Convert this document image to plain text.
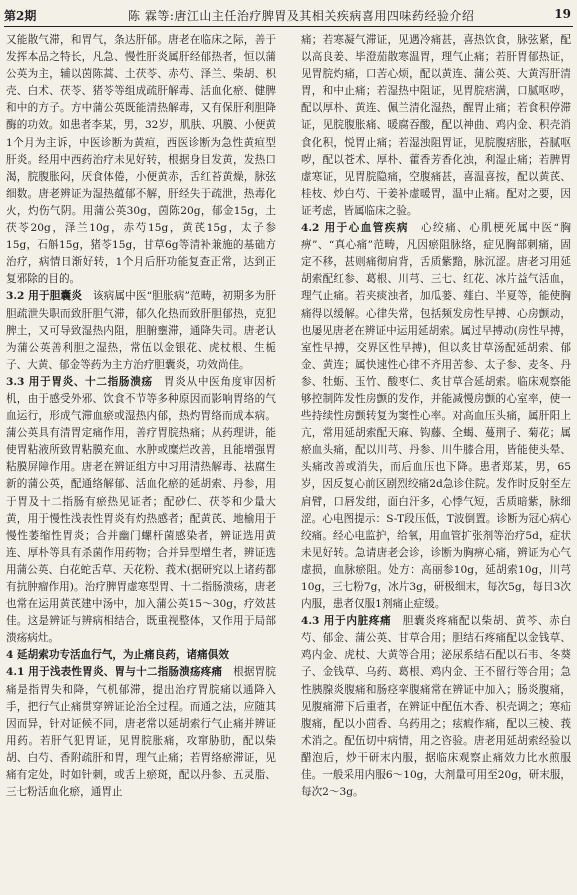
第2期	陈 霖等:唐江山主任治疗脾胃及其相关疾病喜用四味药经验介绍	19

又能散气滞，和胃气，条达肝郁。唐老在临床之际，善于发挥本品之特长，凡急、慢性肝炎属肝经郁热者，恒以蒲公英为主，辅以茵陈蒿、土茯苓、赤芍、泽兰、柴胡、枳壳、白术、茯苓、猪苓等组成疏肝解毒、活血化瘀、健脾和中的方子。方中蒲公英既能清热解毒，又有保肝利胆降酶的功效。如患者李某，男，32岁，肌肤、巩膜、小便黄1个月为主诉，中医诊断为黄疸，西医诊断为急性黄疸型肝炎。经用中西药治疗未见好转，根据身目发黄，发热口渴，脘腹胀闷，厌食体倦，小便黄赤，舌红苔黄燥，脉弦细数。唐老辨证为湿热蕴郁不解，肝经失于疏泄，热毒化火，灼伤气阴。用蒲公英30g，茵陈20g，郁金15g，土茯苓20g，泽兰10g，赤芍15g，黄芪15g，太子参15g，石斛15g，猪苓15g，甘草6g等清补兼施的基础方治疗，病情日渐好转，1个月后肝功能复查正常，达到正复邪除的目的。

3.2 用于胆囊炎　 该病属中医“胆胀病”范畴，初期多为肝胆疏泄失职而致肝胆气滞，郁久化热而致肝胆郁热，克犯脾土，又可导致湿热内阻，胆腑壅滞，通降失司。唐老认为蒲公英善利胆之湿热，常伍以金银花、虎杖根、生栀子、大黄、郁金等药为主方治疗胆囊炎，功效尚佳。

3.3 用于胃炎、十二指肠溃疡　 胃炎从中医角度审因析机，由于感受外邪、饮食不节等多种原因而影响胃络的气血运行，形成气滞血瘀或湿热内郁，热灼胃络而成本病。蒲公英具有清胃定痛作用，善疗胃脘热痛；从药理讲，能使胃粘液所致胃粘膜充血、水肿或糜烂改善，且能增强胃粘膜屏障作用。唐老在辨证组方中习用清热解毒、祛腐生新的蒲公英，配通络解郁、活血化瘀的延胡索、丹参，用于胃及十二指肠有瘀热见证者；配砂仁、茯苓和少量大黄，用于慢性浅表性胃炎有灼热感者；配黄芪、地榆用于慢性萎缩性胃炎；合并幽门螺杆菌感染者，辨证选用黄连、厚朴等具有杀菌作用药物；合并异型增生者，辨证选用蒲公英、白花蛇舌草、天花粉、莪术(据研究以上诸药都有抗肿瘤作用)。治疗脾胃虚寒型胃、十二指肠溃疡，唐老也常在运用黄芪建中汤中，加入蒲公英15～30g，疗效甚佳。这是辨证与辨病相结合，既重视整体，又作用于局部溃疡病灶。

4 延胡索功专活血行气，为止痛良药，诸痛俱效

4.1 用于浅表性胃炎、胃与十二指肠溃疡疼痛　 根据胃脘痛是指胃失和降，气机郁滞，提出治疗胃脘痛以通降入手，把行气止痛贯穿辨证论治全过程。而通之法，应随其因而异，针对证候不同，唐老常以延胡索行气止痛并辨证用药。若肝气犯胃证，见胃脘胀痛，攻窜胁肋，配以柴胡、白芍、香附疏肝和胃，理气止痛；若胃络瘀滞证，见痛有定处，时如针刺，或舌上瘀斑，配以丹参、五灵脂、三七粉活血化瘀，通胃止

痛；若寒凝气滞证，见遇冷痛甚，喜热饮食，脉弦紧，配以高良姜、毕澄茄散寒温胃，理气止痛；若肝胃郁热证，见胃脘灼痛，口苦心烦，配以黄连、蒲公英、大黄泻肝清胃，和中止痛；若湿热中阻证，见胃脘痞满，口腻呕哕，配以厚朴、黄连、佩兰清化湿热，醒胃止痛；若食积停滞证，见脘腹胀痛、暖腐吞酸，配以神曲、鸡内金、积壳消食化积，悦胃止痛；若湿浊阻胃证，见脘腹痞胀，苔腻呕哕，配以苍术、厚朴、藿香芳香化浊，利湿止痛；若脾胃虚寒证，见胃脘隐痛，空腹痛甚，喜温喜按，配以黄芪、桂枝、炒白芍、干姜补虚暖胃，温中止痛。配对之要，因证考虑，皆属临床之验。

4.2 用于心血管疾病　 心绞痛、心肌梗死属中医“胸痹”、“真心痛”范畴，凡因瘀阻脉络，症见胸部刺痛，固定不移，甚则痛彻肩背，舌质紫黯，脉沉涩。唐老习用延胡索配红参、葛根、川芎、三七、红花、冰片益气活血，理气止痛。若夹痰浊者，加瓜蒌、薤白、半夏等，能使胸痛得以缓解。心律失常，包括频发房性早搏、心房颤动，也屡见唐老在辨证中运用延胡索。属过早搏动(房性早搏，室性早搏，交界区性早搏)，但以炙甘草汤配延胡索、郁金、黄连；属快速性心律不齐用苦参、太子参、麦冬、丹参、牡蛎、玉竹、酸枣仁、炙甘草合延胡索。临床观察能够控制阵发性房颤的发作，并能减慢房颤的心室率，使一些持续性房颤转复为窦性心率。对高血压头痛，属肝阳上亢，常用延胡索配天麻、钩藤、全蝎、蔓荆子、菊花；属瘀血头痛，配以川芎、丹参、川牛膝合用，皆能使头晕、头痛改善或消失，而后血压也下降。患者郑某，男，65岁，因反复心前区剧烈绞痛2d急诊住院。发作时反射至左肩臂，口唇发绀，面白汗多，心悸气短，舌质暗紫，脉细涩。心电图提示：S-T段压低，T波倒置。诊断为冠心病心绞痛。经心电监护，给氧，用血管扩张剂等治疗5d，症状未见好转。急请唐老会诊，诊断为胸痹心痛，辨证为心气虚损，血脉瘀阻。处方：高丽参10g，延胡索10g，川芎10g，三七粉7g，冰片3g，研极细末，每次5g，每日3次内服，患者仅服1剂痛止症缓。

4.3 用于内脏疼痛　 胆囊炎疼痛配以柴胡、黄芩、赤白芍、郁金、蒲公英、甘草合用；胆结石疼痛配以金钱草、鸡内金、虎杖、大黄等合用；泌尿系结石配以石韦、冬葵子、金钱草、乌药、葛根、鸡内金、王不留行等合用；急性胰腺炎腹痛和肠痉挛腹痛常在辨证中加入；肠炎腹痛，见腹痛滞下后重者，在辨证中配伍木香、枳壳调之；寒疝腹痛，配以小茴香、乌药用之；痃瘕作痛，配以三棱、莪术消之。配伍切中病情，用之咨验。唐老用延胡索经验以醋泡后，炒干研末内服，据临床观察止痛效力比水煎服佳。一般采用内服6～10g，大剂量可用至20g，研末服，每次2～3g。
